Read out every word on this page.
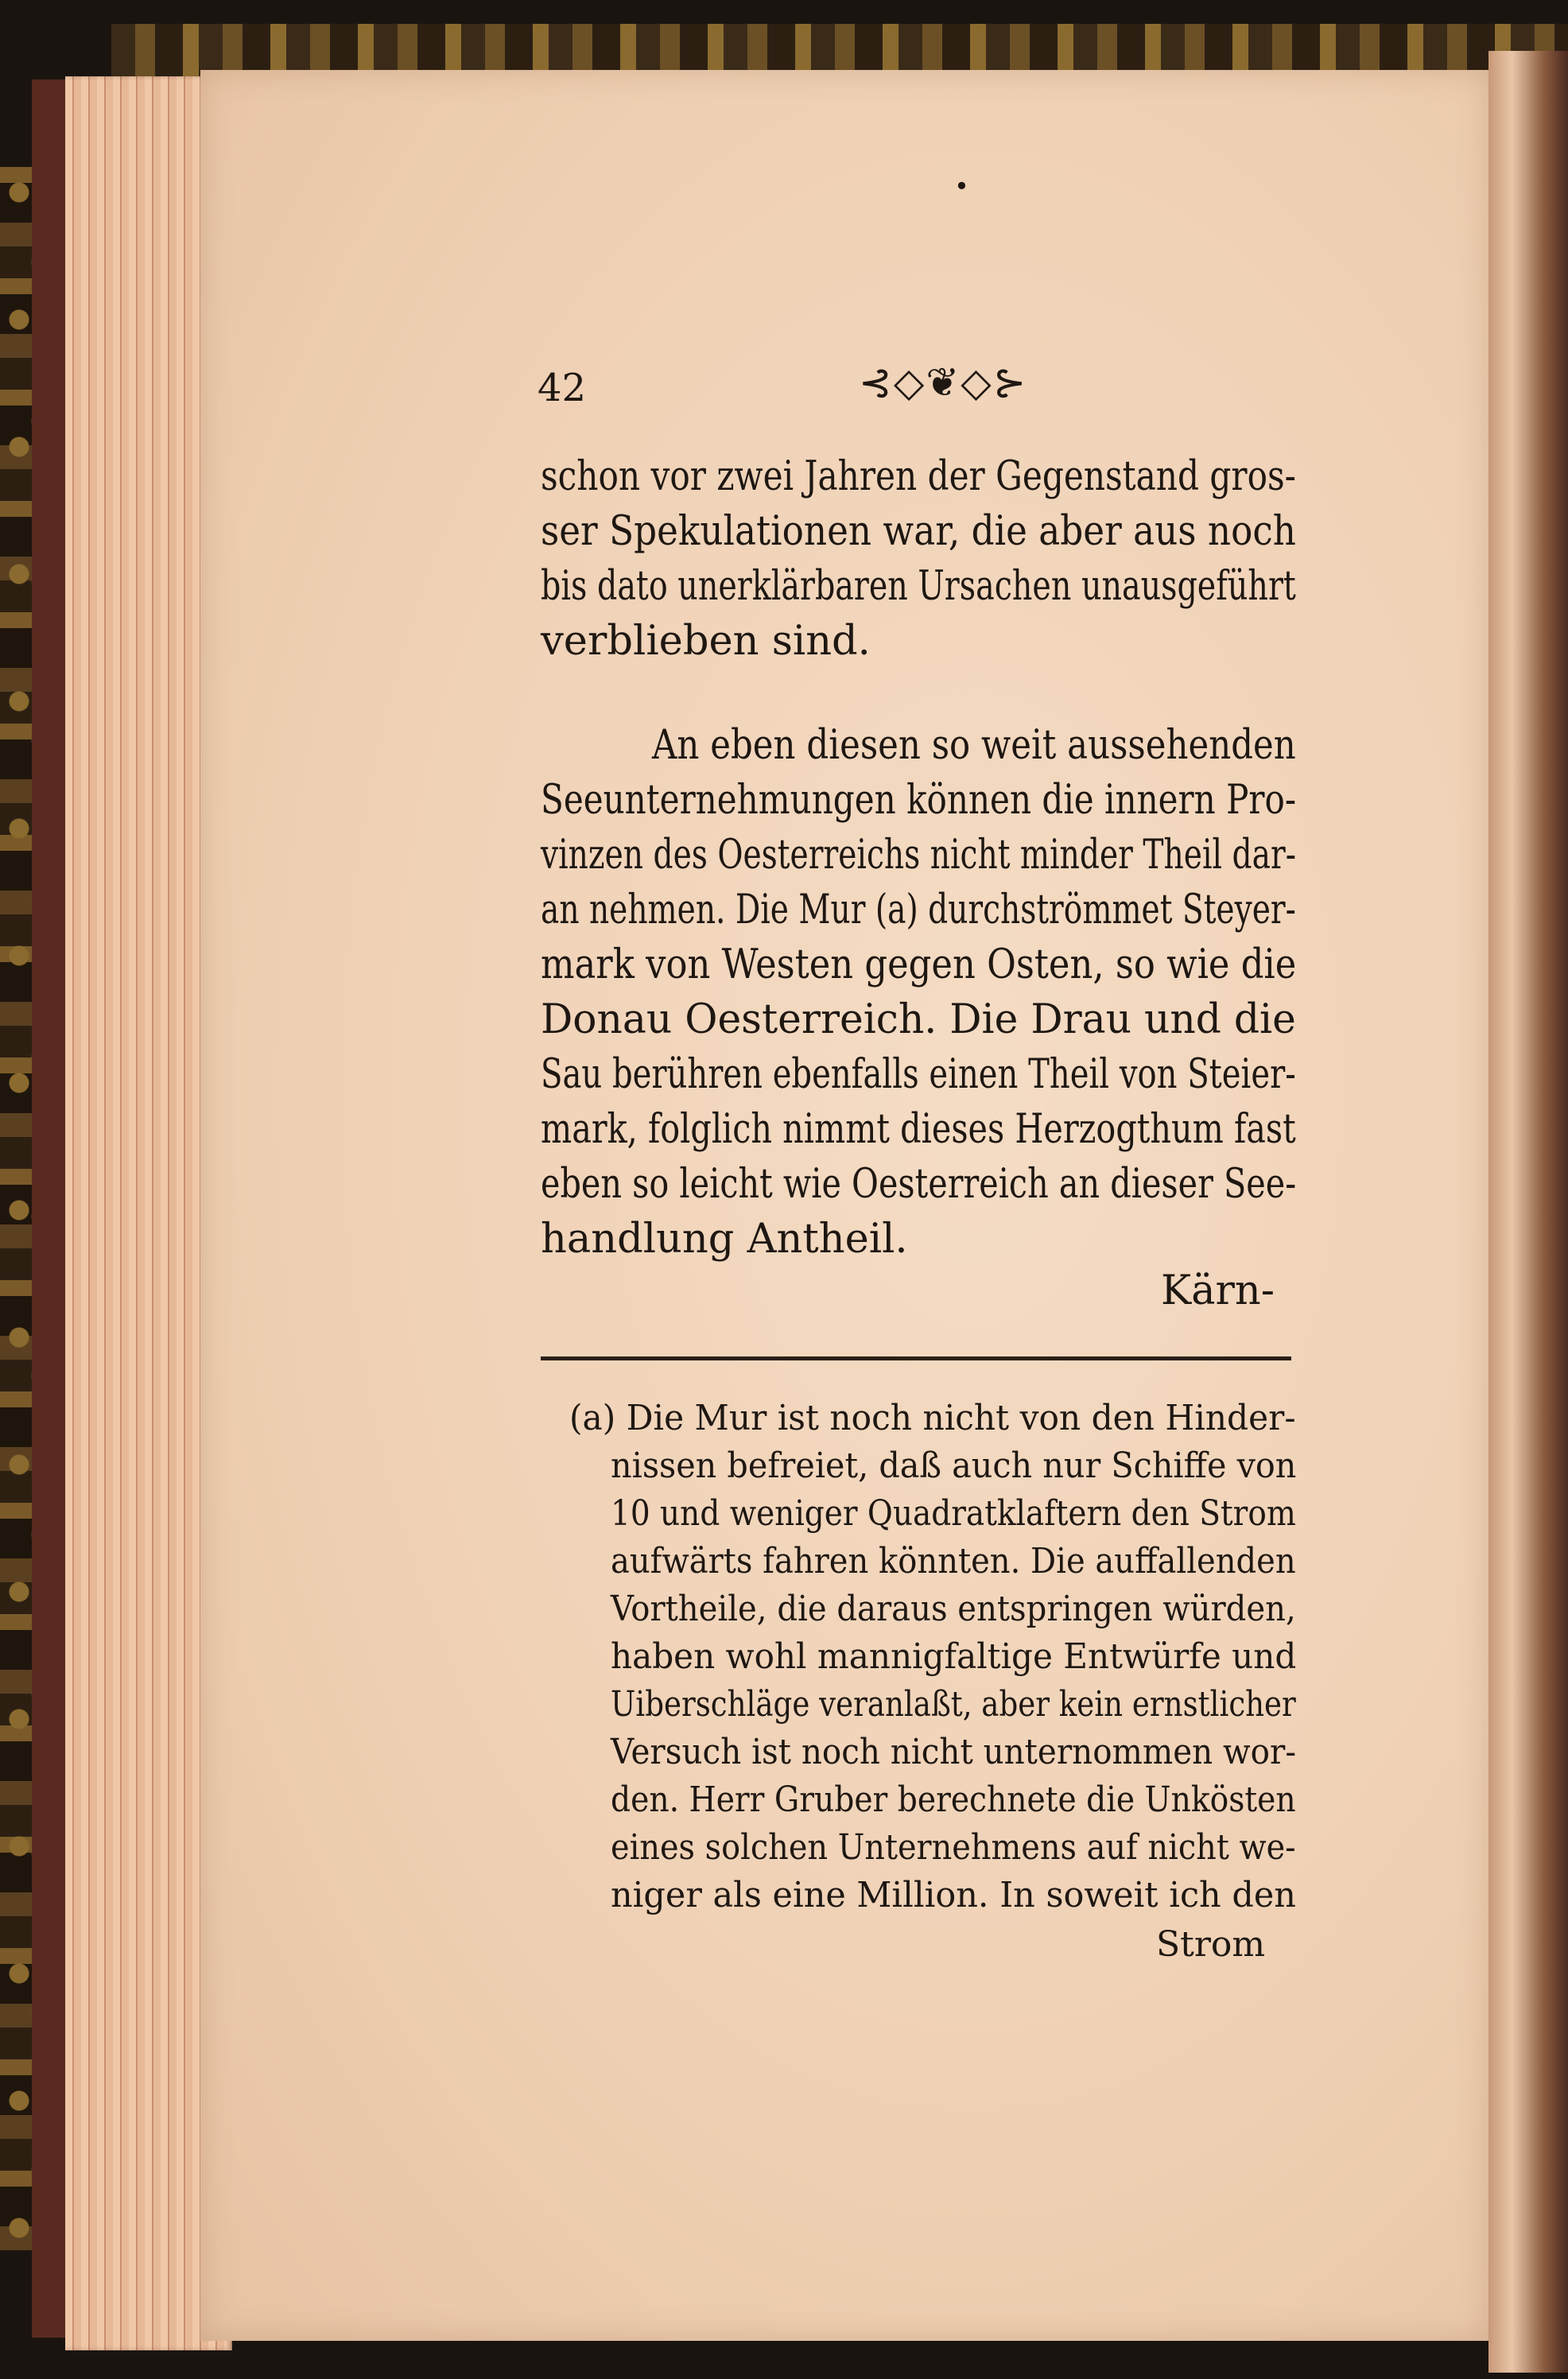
•
42	⊰◇❦◇⊱
schon vor zwei Jahren der Gegenstand gros-
ser Spekulationen war, die aber aus noch
bis dato unerklärbaren Ursachen unausgeführt
verblieben sind.
An eben diesen so weit aussehenden
Seeunternehmungen können die innern Pro-
vinzen des Oesterreichs nicht minder Theil dar-
an nehmen. Die Mur (a) durchströmmet Steyer-
mark von Westen gegen Osten, so wie die
Donau Oesterreich. Die Drau und die
Sau berühren ebenfalls einen Theil von Steier-
mark, folglich nimmt dieses Herzogthum fast
eben so leicht wie Oesterreich an dieser See-
handlung Antheil.
Kärn-
(a) Die Mur ist noch nicht von den Hinder-
nissen befreiet, daß auch nur Schiffe von
10 und weniger Quadratklaftern den Strom
aufwärts fahren könnten. Die auffallenden
Vortheile, die daraus entspringen würden,
haben wohl mannigfaltige Entwürfe und
Uiberschläge veranlaßt, aber kein ernstlicher
Versuch ist noch nicht unternommen wor-
den. Herr Gruber berechnete die Unkösten
eines solchen Unternehmens auf nicht we-
niger als eine Million. In soweit ich den
Strom
